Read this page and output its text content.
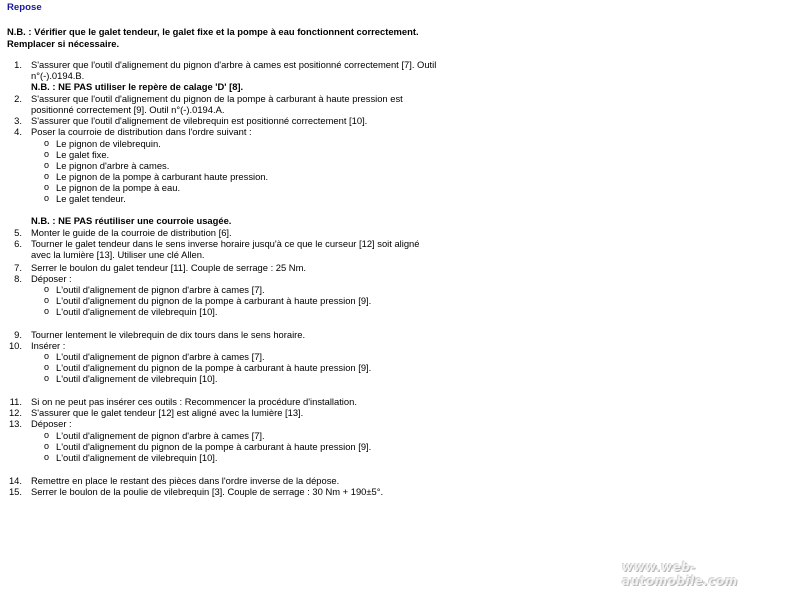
Repose
N.B. : Vérifier que le galet tendeur, le galet fixe et la pompe à eau fonctionnent correctement.
Remplacer si nécessaire.
1. S'assurer que l'outil d'alignement du pignon d'arbre à cames est positionné correctement [7]. Outil
n°(-).0194.B.
N.B. : NE PAS utiliser le repère de calage 'D' [8].
2. S'assurer que l'outil d'alignement du pignon de la pompe à carburant à haute pression est
positionné correctement [9]. Outil n°(-).0194.A.
3. S'assurer que l'outil d'alignement de vilebrequin est positionné correctement [10].
4. Poser la courroie de distribution dans l'ordre suivant :
o Le pignon de vilebrequin.
o Le galet fixe.
o Le pignon d'arbre à cames.
o Le pignon de la pompe à carburant haute pression.
o Le pignon de la pompe à eau.
o Le galet tendeur.
N.B. : NE PAS réutiliser une courroie usagée.
5. Monter le guide de la courroie de distribution [6].
6. Tourner le galet tendeur dans le sens inverse horaire jusqu'à ce que le curseur [12] soit aligné
avec la lumière [13]. Utiliser une clé Allen.
7. Serrer le boulon du galet tendeur [11]. Couple de serrage : 25 Nm.
8. Déposer :
o L'outil d'alignement de pignon d'arbre à cames [7].
o L'outil d'alignement du pignon de la pompe à carburant à haute pression [9].
o L'outil d'alignement de vilebrequin [10].
9. Tourner lentement le vilebrequin de dix tours dans le sens horaire.
10. Insérer :
o L'outil d'alignement de pignon d'arbre à cames [7].
o L'outil d'alignement du pignon de la pompe à carburant à haute pression [9].
o L'outil d'alignement de vilebrequin [10].
11. Si on ne peut pas insérer ces outils : Recommencer la procédure d'installation.
12. S'assurer que le galet tendeur [12] est aligné avec la lumière [13].
13. Déposer :
o L'outil d'alignement de pignon d'arbre à cames [7].
o L'outil d'alignement du pignon de la pompe à carburant à haute pression [9].
o L'outil d'alignement de vilebrequin [10].
14. Remettre en place le restant des pièces dans l'ordre inverse de la dépose.
15. Serrer le boulon de la poulie de vilebrequin [3]. Couple de serrage : 30 Nm + 190±5°.
www.web-automobile.com
